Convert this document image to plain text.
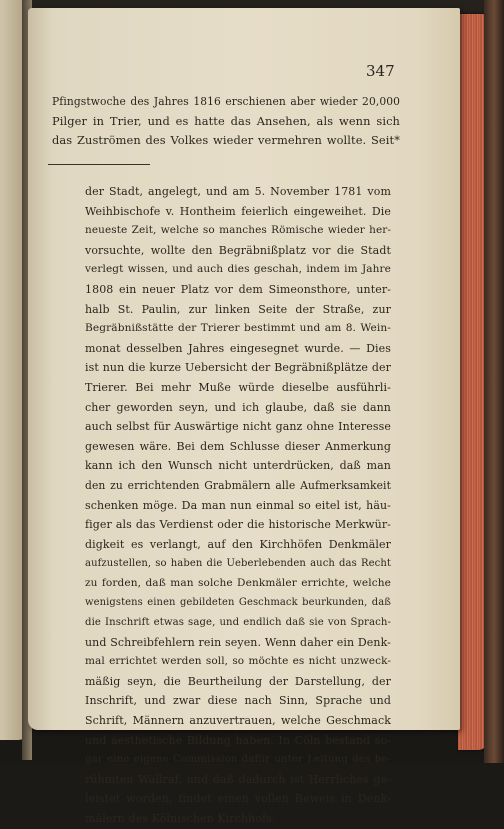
347
Pfingstwoche des Jahres 1816 erschienen aber wieder 20,000
Pilger in Trier, und es hatte das Ansehen, als wenn sich
das Zuströmen des Volkes wieder vermehren wollte. Seit*
der Stadt, angelegt, und am 5. November 1781 vom
Weihbischofe v. Hontheim feierlich eingeweihet. Die
neueste Zeit, welche so manches Römische wieder her-
vorsuchte, wollte den Begräbnißplatz vor die Stadt
verlegt wissen, und auch dies geschah, indem im Jahre
1808 ein neuer Platz vor dem Simeonsthore, unter-
halb St. Paulin, zur linken Seite der Straße, zur
Begräbnißstätte der Trierer bestimmt und am 8. Wein-
monat desselben Jahres eingesegnet wurde. — Dies
ist nun die kurze Uebersicht der Begräbnißplätze der
Trierer. Bei mehr Muße würde dieselbe ausführli-
cher geworden seyn, und ich glaube, daß sie dann
auch selbst für Auswärtige nicht ganz ohne Interesse
gewesen wäre. Bei dem Schlusse dieser Anmerkung
kann ich den Wunsch nicht unterdrücken, daß man
den zu errichtenden Grabmälern alle Aufmerksamkeit
schenken möge. Da man nun einmal so eitel ist, häu-
figer als das Verdienst oder die historische Merkwür-
digkeit es verlangt, auf den Kirchhöfen Denkmäler
aufzustellen, so haben die Ueberlebenden auch das Recht
zu forden, daß man solche Denkmäler errichte, welche
wenigstens einen gebildeten Geschmack beurkunden, daß
die Inschrift etwas sage, und endlich daß sie von Sprach-
und Schreibfehlern rein seyen. Wenn daher ein Denk-
mal errichtet werden soll, so möchte es nicht unzweck-
mäßig seyn, die Beurtheilung der Darstellung, der
Inschrift, und zwar diese nach Sinn, Sprache und
Schrift, Männern anzuvertrauen, welche Geschmack
und aesthetische Bildung haben. In Cöln bestand so-
gar eine eigene Commission dafür unter Leitung des be-
rühmten Wallraf, und daß dadurch ist Herrliches ge-
leistet worden, findet einen vollen Beweis in Denk-
mälern des Kölnischen Kirchhofs.
